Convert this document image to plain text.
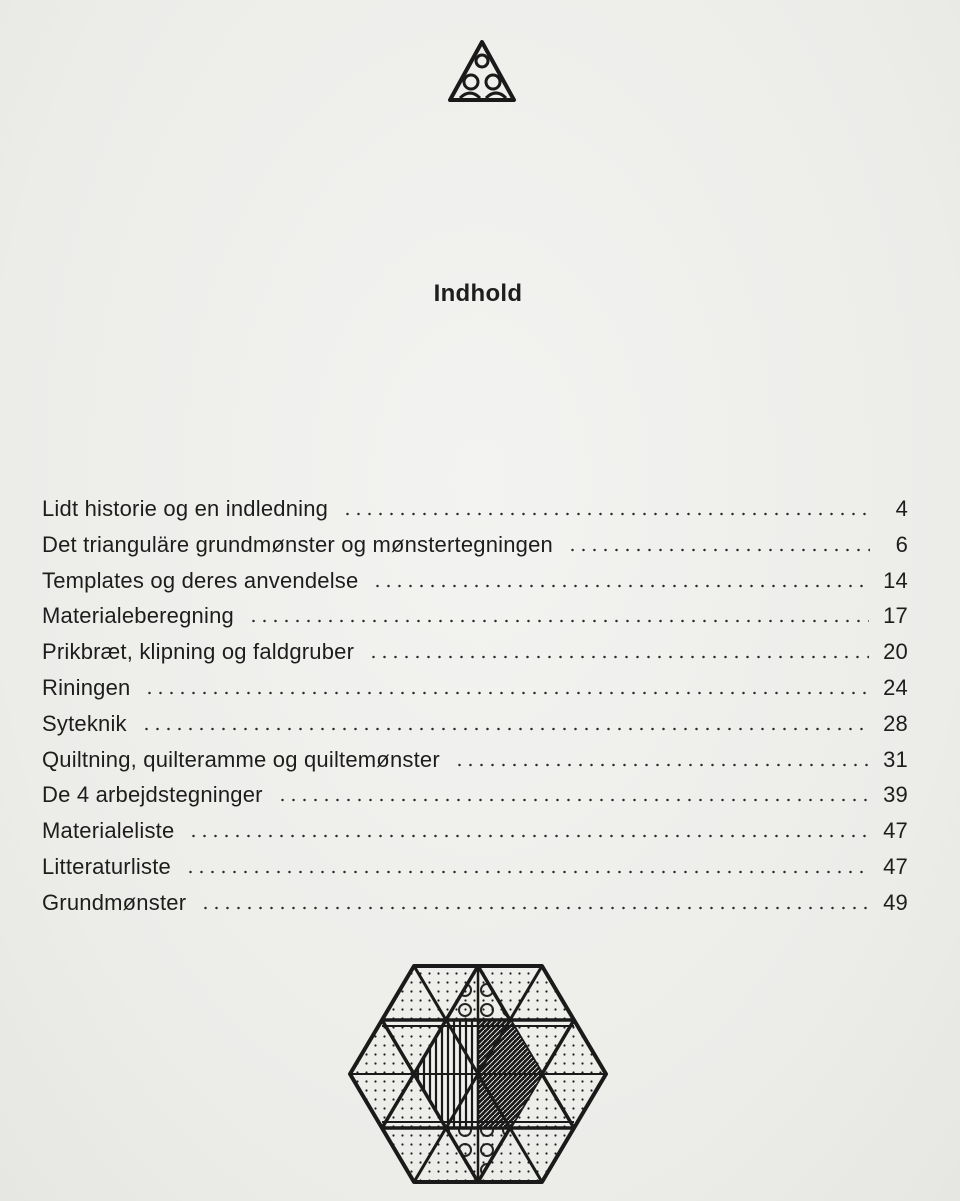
Indhold
Lidt historie og en indledning	4
Det trianguläre grundmønster og mønstertegningen	6
Templates og deres anvendelse	14
Materialeberegning	17
Prikbræt, klipning og faldgruber	20
Riningen	24
Syteknik	28
Quiltning, quilteramme og quiltemønster	31
De 4 arbejdstegninger	39
Materialeliste	47
Litteraturliste	47
Grundmønster	49
